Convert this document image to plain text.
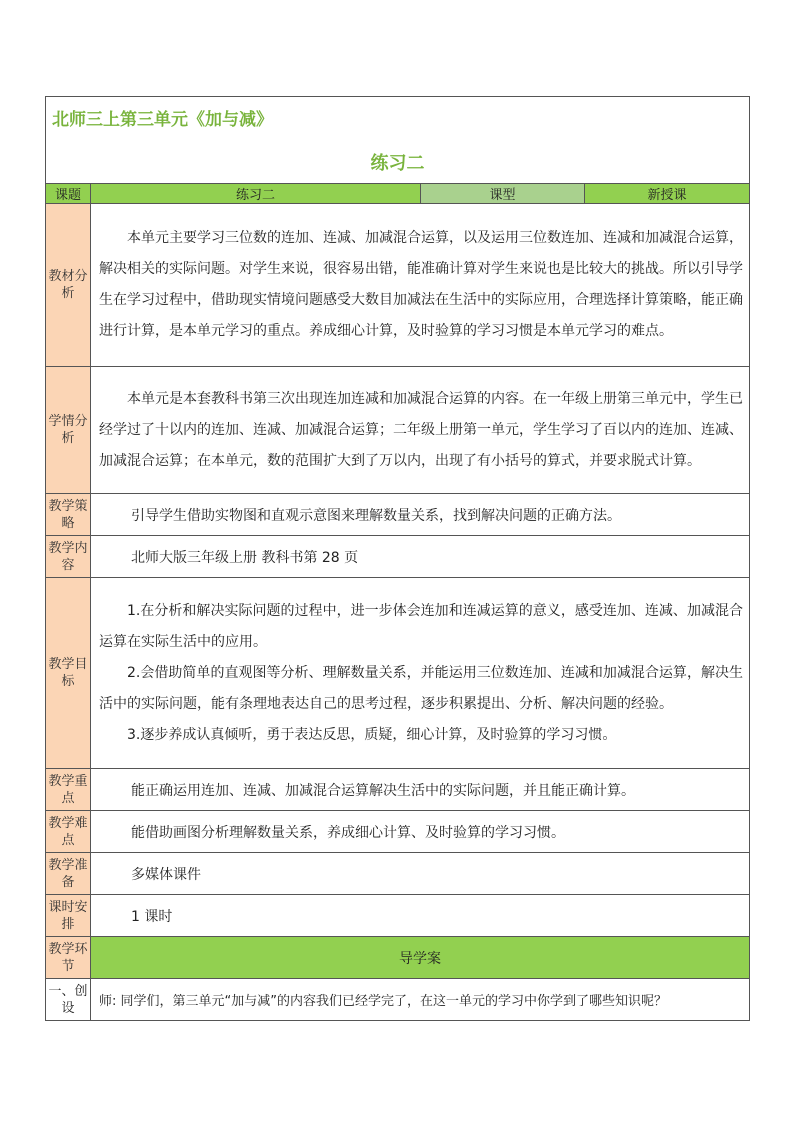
北师三上第三单元《加与减》
练习二			

课题	练习二	课型	新授课
教材分析	本单元主要学习三位数的连加、连减、加减混合运算，以及运用三位数连加、连减和加减混合运算，解决相关的实际问题。对学生来说，很容易出错，能准确计算对学生来说也是比较大的挑战。所以引导学生在学习过程中，借助现实情境问题感受大数目加减法在生活中的实际应用，合理选择计算策略，能正确进行计算，是本单元学习的重点。养成细心计算，及时验算的学习习惯是本单元学习的难点。		

学情分析	本单元是本套教科书第三次出现连加连减和加减混合运算的内容。在一年级上册第三单元中，学生已经学过了十以内的连加、连减、加减混合运算；二年级上册第一单元，学生学习了百以内的连加、连减、加减混合运算；在本单元，数的范围扩大到了万以内，出现了有小括号的算式，并要求脱式计算。		

教学策略	引导学生借助实物图和直观示意图来理解数量关系，找到解决问题的正确方法。		
教学内容	北师大版三年级上册 教科书第 28 页		
教学目标	1.在分析和解决实际问题的过程中，进一步体会连加和连减运算的意义，感受连加、连减、加减混合运算在实际生活中的应用。

2.会借助简单的直观图等分析、理解数量关系，并能运用三位数连加、连减和加减混合运算，解决生活中的实际问题，能有条理地表达自己的思考过程，逐步积累提出、分析、解决问题的经验。

3.逐步养成认真倾听，勇于表达反思，质疑，细心计算，及时验算的学习习惯。		

教学重点	能正确运用连加、连减、加减混合运算解决生活中的实际问题，并且能正确计算。		
教学难点	能借助画图分析理解数量关系，养成细心计算、及时验算的学习习惯。		
教学准备	多媒体课件		
课时安排	1 课时		
教学环节	导学案		
一、创设	师: 同学们，第三单元“加与减”的内容我们已经学完了，在这一单元的学习中你学到了哪些知识呢？		
